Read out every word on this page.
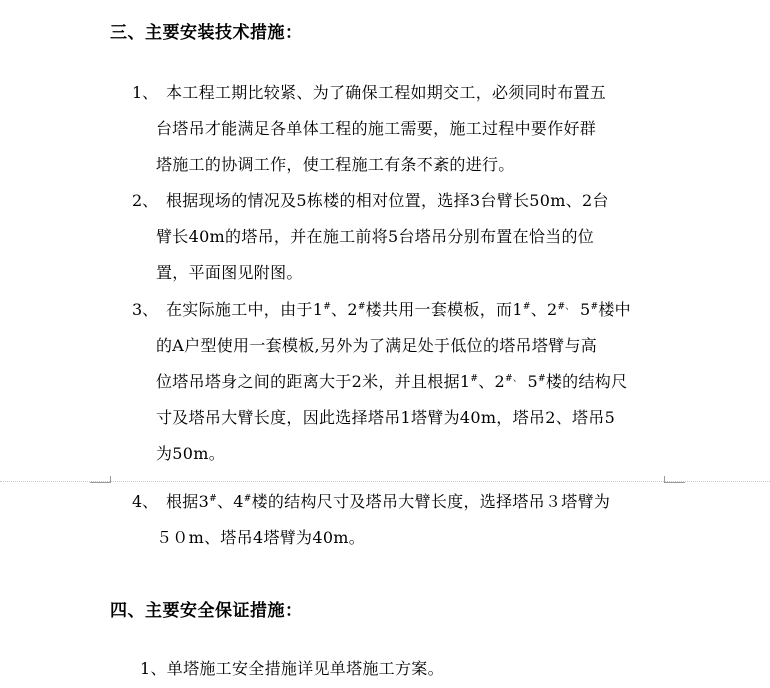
三、主要安装技术措施：
1、 本工程工期比较紧、为了确保工程如期交工，必须同时布置五
台塔吊才能满足各单体工程的施工需要，施工过程中要作好群
塔施工的协调工作，使工程施工有条不紊的进行。
2、 根据现场的情况及5栋楼的相对位置，选择3台臂长50m、2台
臂长40m的塔吊，并在施工前将5台塔吊分别布置在恰当的位
置，平面图见附图。
3、 在实际施工中，由于1#、2#楼共用一套模板，而1#、2#、 5#楼中
的A户型使用一套模板,另外为了满足处于低位的塔吊塔臂与高
位塔吊塔身之间的距离大于2米，并且根据1#、2#、 5#楼的结构尺
寸及塔吊大臂长度，因此选择塔吊1塔臂为40m，塔吊2、塔吊5
为50m。
4、 根据3#、4#楼的结构尺寸及塔吊大臂长度，选择塔吊３塔臂为
５０m、塔吊4塔臂为40m。
四、主要安全保证措施：
1、单塔施工安全措施详见单塔施工方案。
